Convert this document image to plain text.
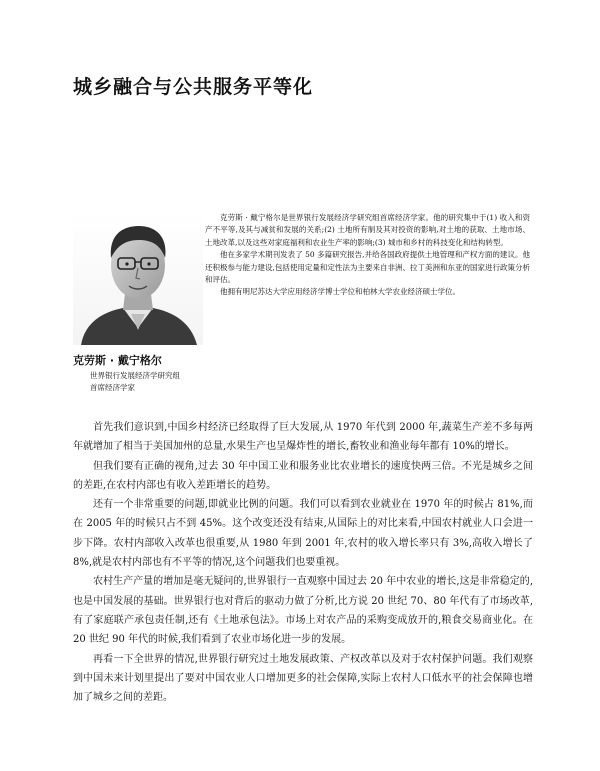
城乡融合与公共服务平等化
克劳斯 · 戴宁格尔
世界银行发展经济学研究组
首席经济学家

克劳斯 · 戴宁格尔是世界银行发展经济学研究组首席经济学家。他的研究集中于(1) 收入和资产不平等,及其与减贫和发展的关系;(2) 土地所有制及其对投资的影响,对土地的获取、土地市场、土地改革,以及这些对家庭福利和农业生产率的影响;(3) 城市和乡村的科技变化和结构转型。

他在多家学术期刊发表了 50 多篇研究报告,并给各国政府提供土地管理和产权方面的建议。他还积极参与能力建设,包括使用定量和定性法为主要来自非洲、拉丁美洲和东亚的国家进行政策分析和评估。

他拥有明尼苏达大学应用经济学博士学位和柏林大学农业经济硕士学位。

首先我们意识到,中国乡村经济已经取得了巨大发展,从 1970 年代到 2000 年,蔬菜生产差不多每两年就增加了相当于美国加州的总量,水果生产也呈爆炸性的增长,畜牧业和渔业每年都有 10%的增长。

但我们要有正确的视角,过去 30 年中国工业和服务业比农业增长的速度快两三倍。不光是城乡之间的差距,在农村内部也有收入差距增长的趋势。

还有一个非常重要的问题,即就业比例的问题。我们可以看到农业就业在 1970 年的时候占 81%,而在 2005 年的时候只占不到 45%。这个改变还没有结束,从国际上的对比来看,中国农村就业人口会进一步下降。农村内部收入改革也很重要,从 1980 年到 2001 年,农村的收入增长率只有 3%,高收入增长了 8%,就是农村内部也有不平等的情况,这个问题我们也要重视。

农村生产产量的增加是毫无疑问的,世界银行一直观察中国过去 20 年中农业的增长,这是非常稳定的,也是中国发展的基础。世界银行也对背后的驱动力做了分析,比方说 20 世纪 70、80 年代有了市场改革,有了家庭联产承包责任制,还有《土地承包法》。市场上对农产品的采购变成放开的,粮食交易商业化。在 20 世纪 90 年代的时候,我们看到了农业市场化进一步的发展。

再看一下全世界的情况,世界银行研究过土地发展政策、产权改革以及对于农村保护问题。我们观察到中国未来计划里提出了要对中国农业人口增加更多的社会保障,实际上农村人口低水平的社会保障也增加了城乡之间的差距。
